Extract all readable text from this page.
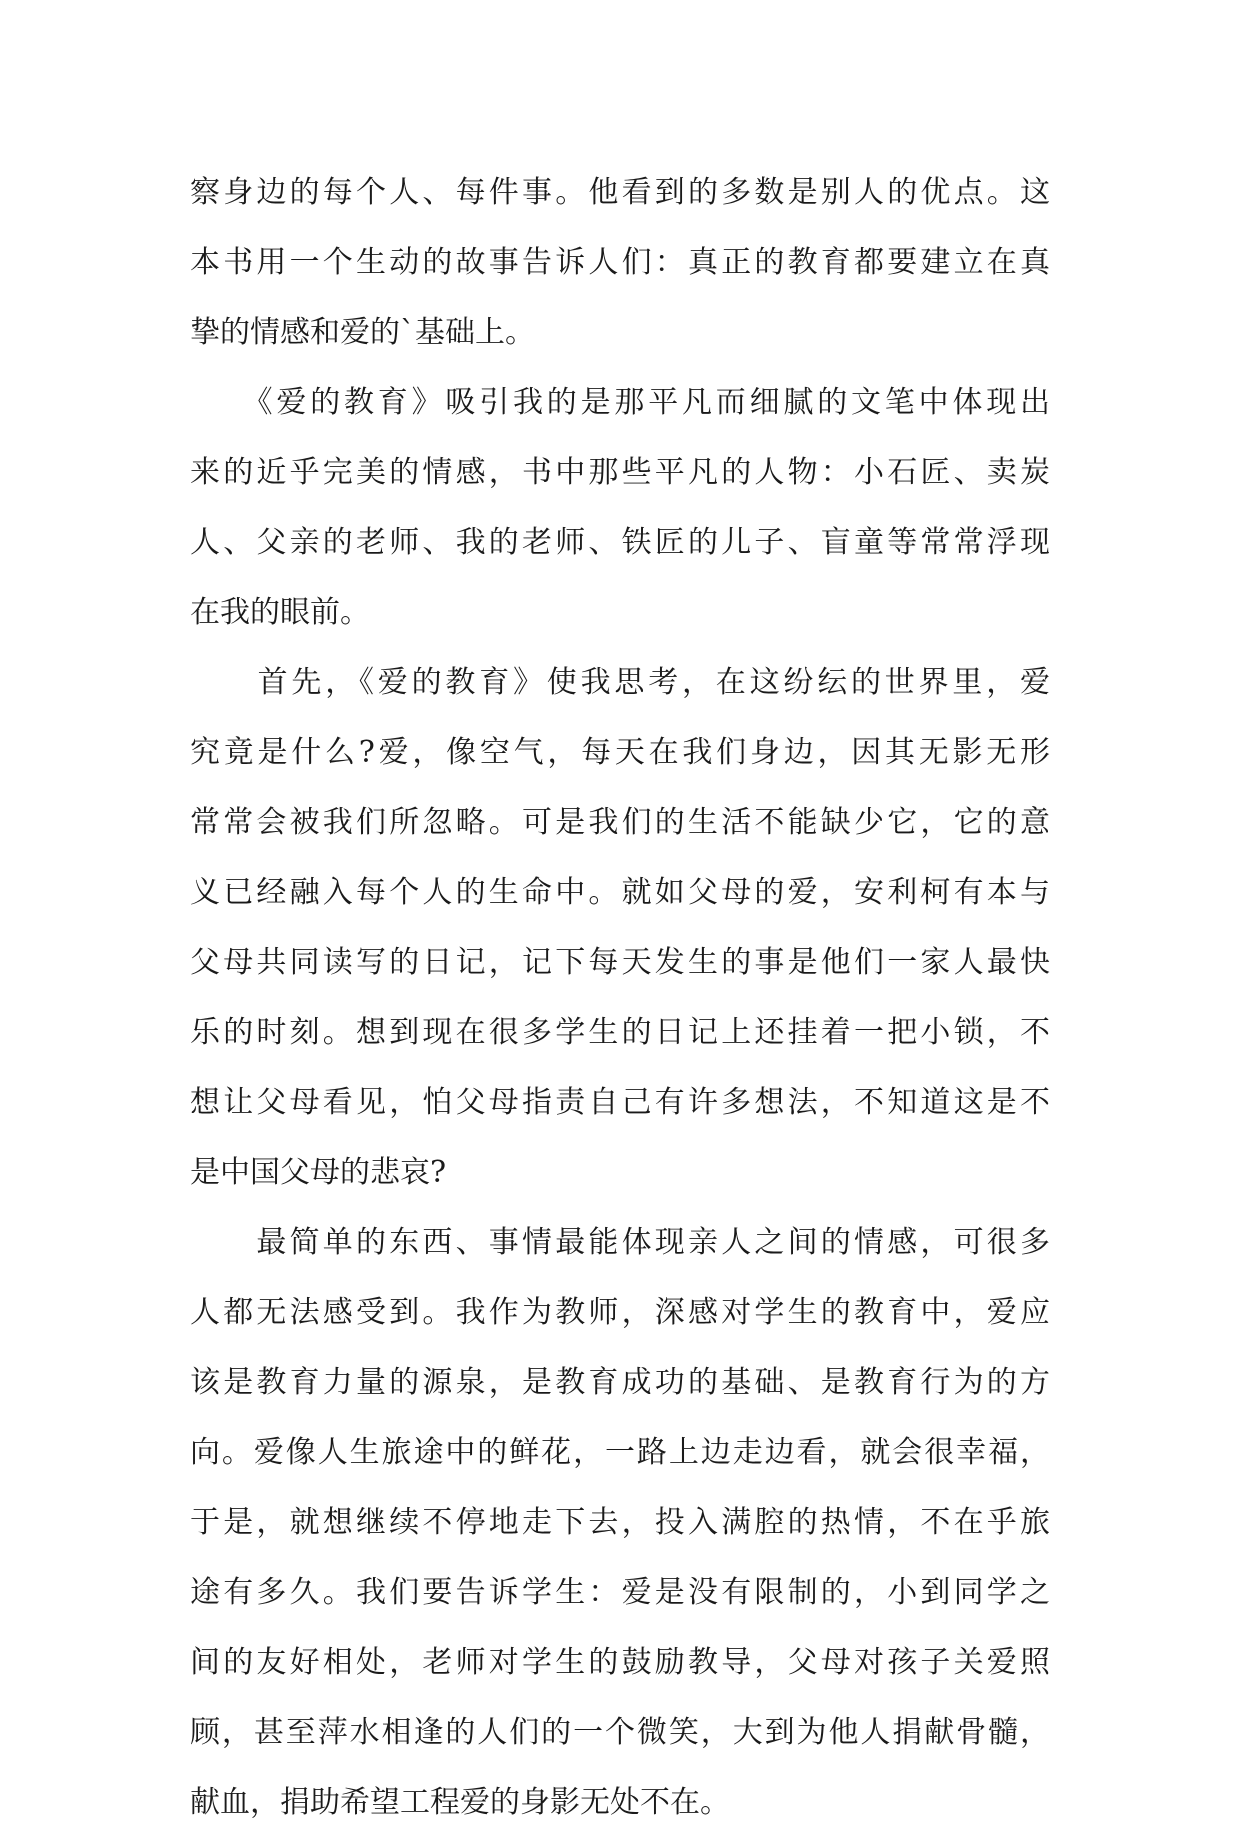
察身边的每个人、每件事。他看到的多数是别人的优点。这
本书用一个生动的故事告诉人们：真正的教育都要建立在真
挚的情感和爱的`基础上。
　　《爱的教育》吸引我的是那平凡而细腻的文笔中体现出
来的近乎完美的情感，书中那些平凡的人物：小石匠、卖炭
人、父亲的老师、我的老师、铁匠的儿子、盲童等常常浮现
在我的眼前。
　　首先，《爱的教育》使我思考，在这纷纭的世界里，爱
究竟是什么?爱，像空气，每天在我们身边，因其无影无形
常常会被我们所忽略。可是我们的生活不能缺少它，它的意
义已经融入每个人的生命中。就如父母的爱，安利柯有本与
父母共同读写的日记，记下每天发生的事是他们一家人最快
乐的时刻。想到现在很多学生的日记上还挂着一把小锁，不
想让父母看见，怕父母指责自己有许多想法，不知道这是不
是中国父母的悲哀?
　　最简单的东西、事情最能体现亲人之间的情感，可很多
人都无法感受到。我作为教师，深感对学生的教育中，爱应
该是教育力量的源泉，是教育成功的基础、是教育行为的方
向。爱像人生旅途中的鲜花，一路上边走边看，就会很幸福，
于是，就想继续不停地走下去，投入满腔的热情，不在乎旅
途有多久。我们要告诉学生：爱是没有限制的，小到同学之
间的友好相处，老师对学生的鼓励教导，父母对孩子关爱照
顾，甚至萍水相逢的人们的一个微笑，大到为他人捐献骨髓，
献血，捐助希望工程爱的身影无处不在。
